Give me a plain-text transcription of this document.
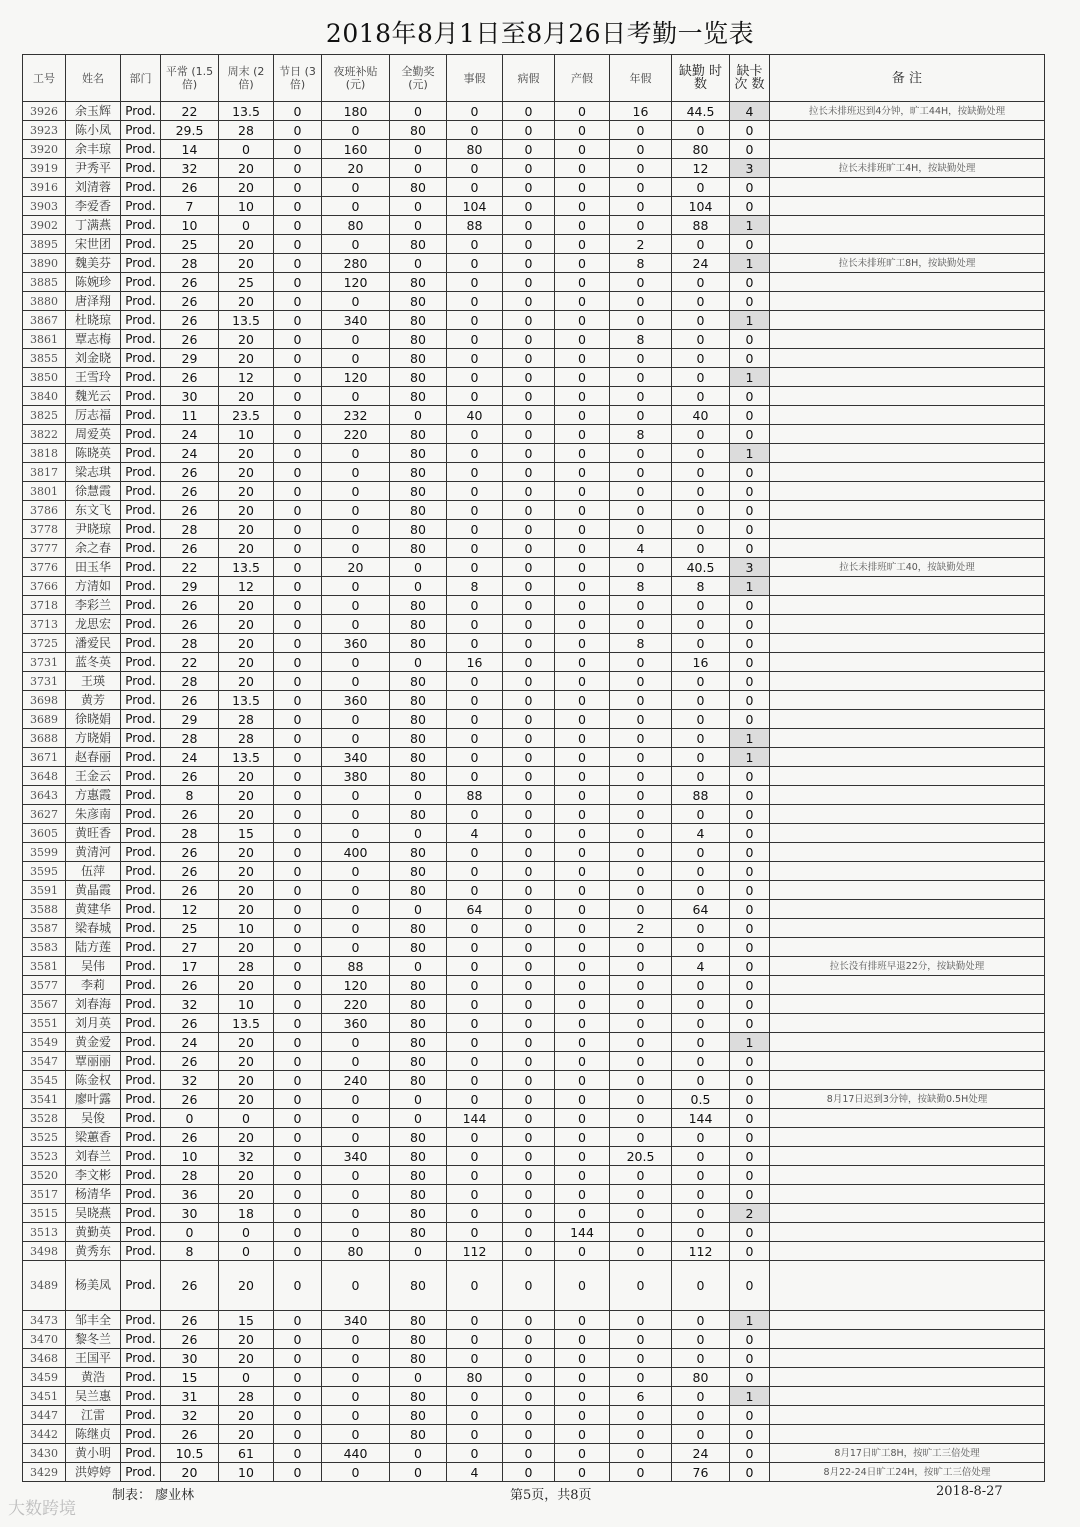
2018年8月1日至8月26日考勤一览表
工号	姓名	部门	平常 (1.5倍)	周末 (2倍)	节日 (3倍)	夜班补贴 (元)	全勤奖 (元)	事假	病假	产假	年假	缺勤 时数	缺卡次 数	备 注
3926	余玉辉	Prod.	22	13.5	0	180	0	0	0	0	16	44.5	4	拉长未排班迟到4分钟，旷工44H，按缺勤处理
3923	陈小凤	Prod.	29.5	28	0	0	80	0	0	0	0	0	0	
3920	余丰琼	Prod.	14	0	0	160	0	80	0	0	0	80	0	
3919	尹秀平	Prod.	32	20	0	20	0	0	0	0	0	12	3	拉长未排班旷工4H，按缺勤处理
3916	刘清蓉	Prod.	26	20	0	0	80	0	0	0	0	0	0	
3903	李爱香	Prod.	7	10	0	0	0	104	0	0	0	104	0	
3902	丁满燕	Prod.	10	0	0	80	0	88	0	0	0	88	1	
3895	宋世团	Prod.	25	20	0	0	80	0	0	0	2	0	0	
3890	魏美芬	Prod.	28	20	0	280	0	0	0	0	8	24	1	拉长未排班旷工8H，按缺勤处理
3885	陈婉珍	Prod.	26	25	0	120	80	0	0	0	0	0	0	
3880	唐泽翔	Prod.	26	20	0	0	80	0	0	0	0	0	0	
3867	杜晓琼	Prod.	26	13.5	0	340	80	0	0	0	0	0	1	
3861	覃志梅	Prod.	26	20	0	0	80	0	0	0	8	0	0	
3855	刘金晓	Prod.	29	20	0	0	80	0	0	0	0	0	0	
3850	王雪玲	Prod.	26	12	0	120	80	0	0	0	0	0	1	
3840	魏光云	Prod.	30	20	0	0	80	0	0	0	0	0	0	
3825	厉志福	Prod.	11	23.5	0	232	0	40	0	0	0	40	0	
3822	周爱英	Prod.	24	10	0	220	80	0	0	0	8	0	0	
3818	陈晓英	Prod.	24	20	0	0	80	0	0	0	0	0	1	
3817	梁志琪	Prod.	26	20	0	0	80	0	0	0	0	0	0	
3801	徐慧霞	Prod.	26	20	0	0	80	0	0	0	0	0	0	
3786	东文飞	Prod.	26	20	0	0	80	0	0	0	0	0	0	
3778	尹晓琼	Prod.	28	20	0	0	80	0	0	0	0	0	0	
3777	余之春	Prod.	26	20	0	0	80	0	0	0	4	0	0	
3776	田玉华	Prod.	22	13.5	0	20	0	0	0	0	0	40.5	3	拉长未排班旷工40，按缺勤处理
3766	方清如	Prod.	29	12	0	0	0	8	0	0	8	8	1	
3718	李彩兰	Prod.	26	20	0	0	80	0	0	0	0	0	0	
3713	龙思宏	Prod.	26	20	0	0	80	0	0	0	0	0	0	
3725	潘爱民	Prod.	28	20	0	360	80	0	0	0	8	0	0	
3731	蓝冬英	Prod.	22	20	0	0	0	16	0	0	0	16	0	
3731	王瑛	Prod.	28	20	0	0	80	0	0	0	0	0	0	
3698	黄芳	Prod.	26	13.5	0	360	80	0	0	0	0	0	0	
3689	徐晓娟	Prod.	29	28	0	0	80	0	0	0	0	0	0	
3688	方晓娟	Prod.	28	28	0	0	80	0	0	0	0	0	1	
3671	赵春丽	Prod.	24	13.5	0	340	80	0	0	0	0	0	1	
3648	王金云	Prod.	26	20	0	380	80	0	0	0	0	0	0	
3643	方惠霞	Prod.	8	20	0	0	0	88	0	0	0	88	0	
3627	朱彦南	Prod.	26	20	0	0	80	0	0	0	0	0	0	
3605	黄旺香	Prod.	28	15	0	0	0	4	0	0	0	4	0	
3599	黄清河	Prod.	26	20	0	400	80	0	0	0	0	0	0	
3595	伍萍	Prod.	26	20	0	0	80	0	0	0	0	0	0	
3591	黄晶霞	Prod.	26	20	0	0	80	0	0	0	0	0	0	
3588	黄建华	Prod.	12	20	0	0	0	64	0	0	0	64	0	
3587	梁春城	Prod.	25	10	0	0	80	0	0	0	2	0	0	
3583	陆方莲	Prod.	27	20	0	0	80	0	0	0	0	0	0	
3581	吴伟	Prod.	17	28	0	88	0	0	0	0	0	4	0	拉长没有排班早退22分，按缺勤处理
3577	李莉	Prod.	26	20	0	120	80	0	0	0	0	0	0	
3567	刘春海	Prod.	32	10	0	220	80	0	0	0	0	0	0	
3551	刘月英	Prod.	26	13.5	0	360	80	0	0	0	0	0	0	
3549	黄金爱	Prod.	24	20	0	0	80	0	0	0	0	0	1	
3547	覃丽丽	Prod.	26	20	0	0	80	0	0	0	0	0	0	
3545	陈金权	Prod.	32	20	0	240	80	0	0	0	0	0	0	
3541	廖叶露	Prod.	26	20	0	0	0	0	0	0	0	0.5	0	8月17日迟到3分钟，按缺勤0.5H处理
3528	吴俊	Prod.	0	0	0	0	0	144	0	0	0	144	0	
3525	梁蕙香	Prod.	26	20	0	0	80	0	0	0	0	0	0	
3523	刘春兰	Prod.	10	32	0	340	80	0	0	0	20.5	0	0	
3520	李文彬	Prod.	28	20	0	0	80	0	0	0	0	0	0	
3517	杨清华	Prod.	36	20	0	0	80	0	0	0	0	0	0	
3515	吴晓燕	Prod.	30	18	0	0	80	0	0	0	0	0	2	
3513	黄勤英	Prod.	0	0	0	0	80	0	0	144	0	0	0	
3498	黄秀东	Prod.	8	0	0	80	0	112	0	0	0	112	0	
3489	杨美凤	Prod.	26	20	0	0	80	0	0	0	0	0	0	
3473	邹丰全	Prod.	26	15	0	340	80	0	0	0	0	0	1	
3470	黎冬兰	Prod.	26	20	0	0	80	0	0	0	0	0	0	
3468	王国平	Prod.	30	20	0	0	80	0	0	0	0	0	0	
3459	黄浩	Prod.	15	0	0	0	0	80	0	0	0	80	0	
3451	吴兰惠	Prod.	31	28	0	0	80	0	0	0	6	0	1	
3447	江雷	Prod.	32	20	0	0	80	0	0	0	0	0	0	
3442	陈继贞	Prod.	26	20	0	0	80	0	0	0	0	0	0	
3430	黄小明	Prod.	10.5	61	0	440	0	0	0	0	0	24	0	8月17日旷工8H，按旷工三倍处理
3429	洪婷婷	Prod.	20	10	0	0	0	4	0	0	0	76	0	8月22-24日旷工24H，按旷工三倍处理
制表： 廖业林	第5页，共8页	2018-8-27
大数跨境
